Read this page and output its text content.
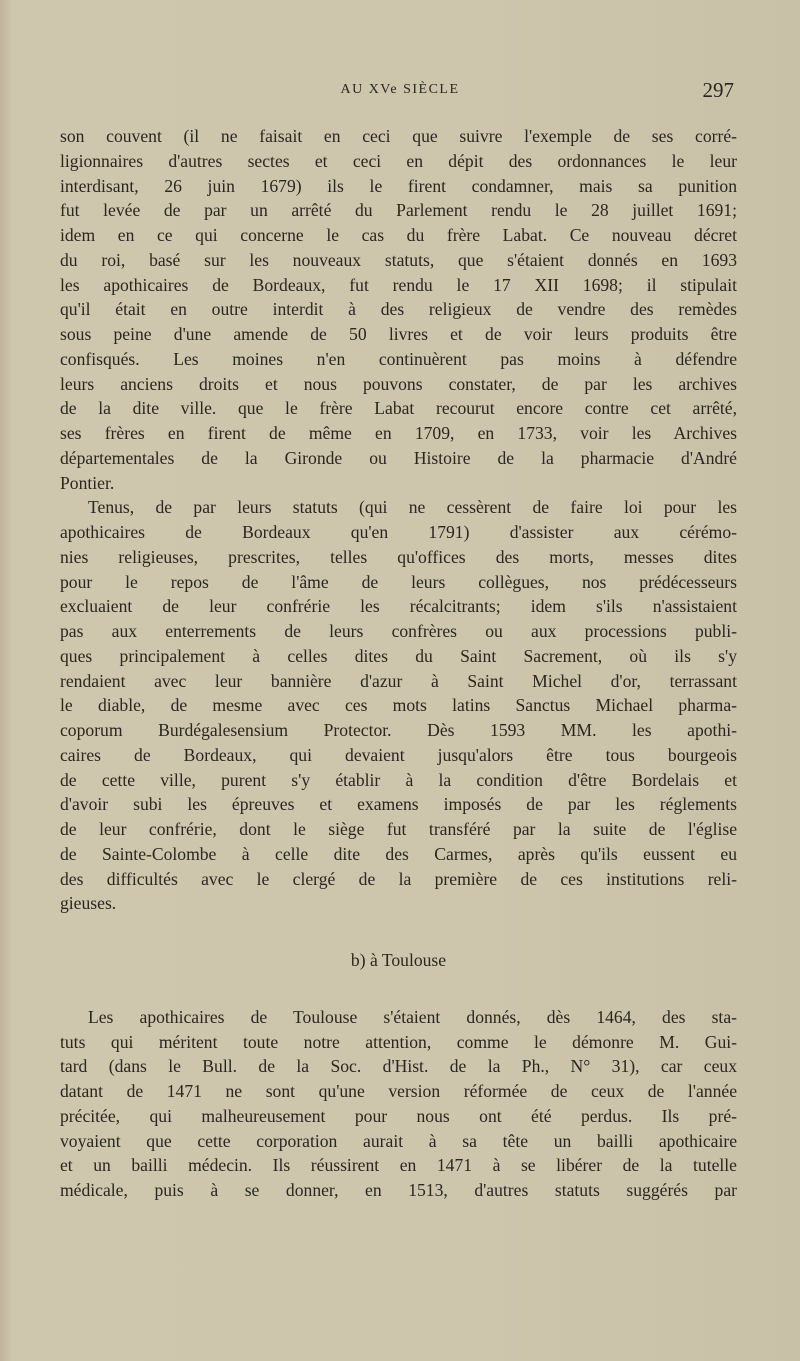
AU XVe SIÈCLE	297

son couvent (il ne faisait en ceci que suivre l'exemple de ses corré-

ligionnaires d'autres sectes et ceci en dépit des ordonnances le leur

interdisant, 26 juin 1679) ils le firent condamner, mais sa punition

fut levée de par un arrêté du Parlement rendu le 28 juillet 1691;

idem en ce qui concerne le cas du frère Labat. Ce nouveau décret

du roi, basé sur les nouveaux statuts, que s'étaient donnés en 1693

les apothicaires de Bordeaux, fut rendu le 17 XII 1698; il stipulait

qu'il était en outre interdit à des religieux de vendre des remèdes

sous peine d'une amende de 50 livres et de voir leurs produits être

confisqués. Les moines n'en continuèrent pas moins à défendre

leurs anciens droits et nous pouvons constater, de par les archives

de la dite ville. que le frère Labat recourut encore contre cet arrêté,

ses frères en firent de même en 1709, en 1733, voir les Archives

départementales de la Gironde ou Histoire de la pharmacie d'André

Pontier.

Tenus, de par leurs statuts (qui ne cessèrent de faire loi pour les

apothicaires de Bordeaux qu'en 1791) d'assister aux cérémo-

nies religieuses, prescrites, telles qu'offices des morts, messes dites

pour le repos de l'âme de leurs collègues, nos prédécesseurs

excluaient de leur confrérie les récalcitrants; idem s'ils n'assistaient

pas aux enterrements de leurs confrères ou aux processions publi-

ques principalement à celles dites du Saint Sacrement, où ils s'y

rendaient avec leur bannière d'azur à Saint Michel d'or, terrassant

le diable, de mesme avec ces mots latins Sanctus Michael pharma-

coporum Burdégalesensium Protector. Dès 1593 MM. les apothi-

caires de Bordeaux, qui devaient jusqu'alors être tous bourgeois

de cette ville, purent s'y établir à la condition d'être Bordelais et

d'avoir subi les épreuves et examens imposés de par les réglements

de leur confrérie, dont le siège fut transféré par la suite de l'église

de Sainte-Colombe à celle dite des Carmes, après qu'ils eussent eu

des difficultés avec le clergé de la première de ces institutions reli-

gieuses.

b) à Toulouse

Les apothicaires de Toulouse s'étaient donnés, dès 1464, des sta-

tuts qui méritent toute notre attention, comme le démonre M. Gui-

tard (dans le Bull. de la Soc. d'Hist. de la Ph., N° 31), car ceux

datant de 1471 ne sont qu'une version réformée de ceux de l'année

précitée, qui malheureusement pour nous ont été perdus. Ils pré-

voyaient que cette corporation aurait à sa tête un bailli apothicaire

et un bailli médecin. Ils réussirent en 1471 à se libérer de la tutelle

médicale, puis à se donner, en 1513, d'autres statuts suggérés par
